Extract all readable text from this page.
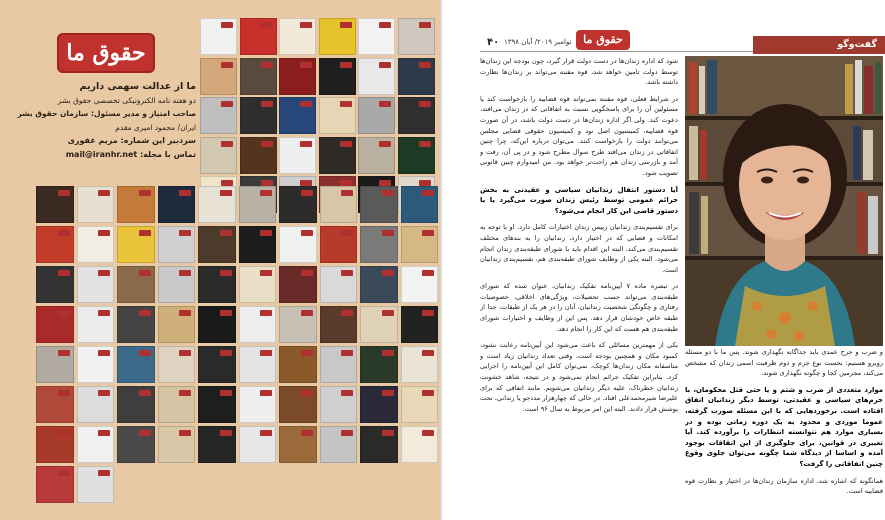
حقوق ما
ما از عدالت سهمی داریم
دو هفته نامه الکترونیکی تخصصی حقوق بشر
صاحب امتیاز و مدیر مسئول: سازمان حقوق بشر
ایران/ محمود امیری مقدم
سردبیر این شماره: مریم غفوری
تماس با مجله: mail@iranhr.net
۴۰ نوامبر ۲۰۱۹/ آبان ۱۳۹۸	حقوق ما	گفت‌وگو

شود که اداره زندان‌ها در دست دولت قرار گیرد، چون بودجه این زندان‌ها توسط دولت تامین خواهد شد، قوه مقننه می‌تواند بر زندان‌ها نظارت داشته باشد.

در شرایط فعلی، قوه مقننه نمی‌تواند قوه قضاییه را بازخواست کند یا مسئولین آن را برای پاسخگویی نسبت به اتفاقاتی که در زندان می‌افتد، دعوت کند. ولی اگر اداره زندان‌ها در دست دولت باشد، در آن صورت قوه قضاییه، کمیسیون اصل نود و کمیسیون حقوقی قضایی مجلس می‌توانند دولت را بازخواست کنند. می‌توان درباره این‌که، چرا چنین اتفاقاتی در زندان می‌افتد طرح سوال مطرح شود و در پی آن، رفت و آمد و بازرسی زندان هم راحت‌تر خواهد بود. من امیدوارم چنین قانونی تصویب شود.

آیا دستور انتقال زندانیان سیاسی و عقیدتی به بخش جرائم عمومی توسط رئیس زندان صورت می‌گیرد یا یا دستور قاضی این کار انجام می‌شود؟

برای تقسیم‌بندی زندانیان رییس زندان اختیارات کامل دارد. او با توجه به امکانات و فضایی که در اختیار دارد، زندانیان را به بندهای مختلف تقسیم‌بندی می‌کند. البته این اقدام باید با شورای طبقه‌بندی زندان انجام می‌شود. البته یکی از وظایف شورای طبقه‌بندی هم، تقسیم‌بندی زندانیان است.

در تبصره ماده ۷ آیین‌نامه تفکیک زندانیان، عنوان شده که شورای طبقه‌بندی می‌تواند حسب تحصیلات، ویژگی‌های اخلاقی، خصوصیات رفتاری و چگونگی شخصیت زندانیان، آنان را در هر یک از طبقات، جدا از طبقه خاص خودشان قرار دهد. پس این از وظایف و اختیارات شورای طبقه‌بندی هم هست که این کار را انجام دهد.

یکی از مهمترین مسائلی که باعث می‌شود این آیین‌نامه رعایت نشود، کمبود مکان و همچنین بودجه است. وقتی تعداد زندانیان زیاد است و متاسفانه مکان زندان‌ها کوچک، نمی‌توان کامل این آیین‌نامه را اجرایی کرد. بنابراین تفکیک جرائم انجام نمی‌شود و در نتیجه، شاهد خشونت زندانیان خطرناک، علیه دیگر زندانیان می‌شویم. مانند اتفاقی که برای علیرضا شیرمحمدعلی افتاد. در حالی که چهارهزار مددجو یا زندانی، تحت پوشش قرار دادند. البته این امر مربوط به سال ۹۶ است.

و ضرب و جرح عمدی باید جداگانه نگهداری شوند. پس ما با دو مسئله روبرو هستیم: نخست نوع جرم و دوم ظرفیت اسمی زندان که مشخص می‌کند، مجرمین کجا و چگونه نگهداری شوند.

موارد متعددی از ضرب و شتم و یا حتی قتل محکومان، با جرم‌های سیاسی و عقیدتی، توسط دیگر زندانیان اتفاق افتاده است. برخوردهایی که با این مسئله صورت گرفته، عموما موردی و محدود به یک دوره زمانی بوده و در بسیاری موارد هم نتوانسته انتظارات را برآورده کند. آیا تغییری در قوانین، برای جلوگیری از این اتفاقات بوجود آمده و اساسا از دیدگاه شما چگونه می‌توان جلوی وقوع چنین اتفاقاتی را گرفت؟

همانگونه که اشاره شد، اداره سازمان زندان‌ها در اختیار و نظارت قوه قضاییه است.
